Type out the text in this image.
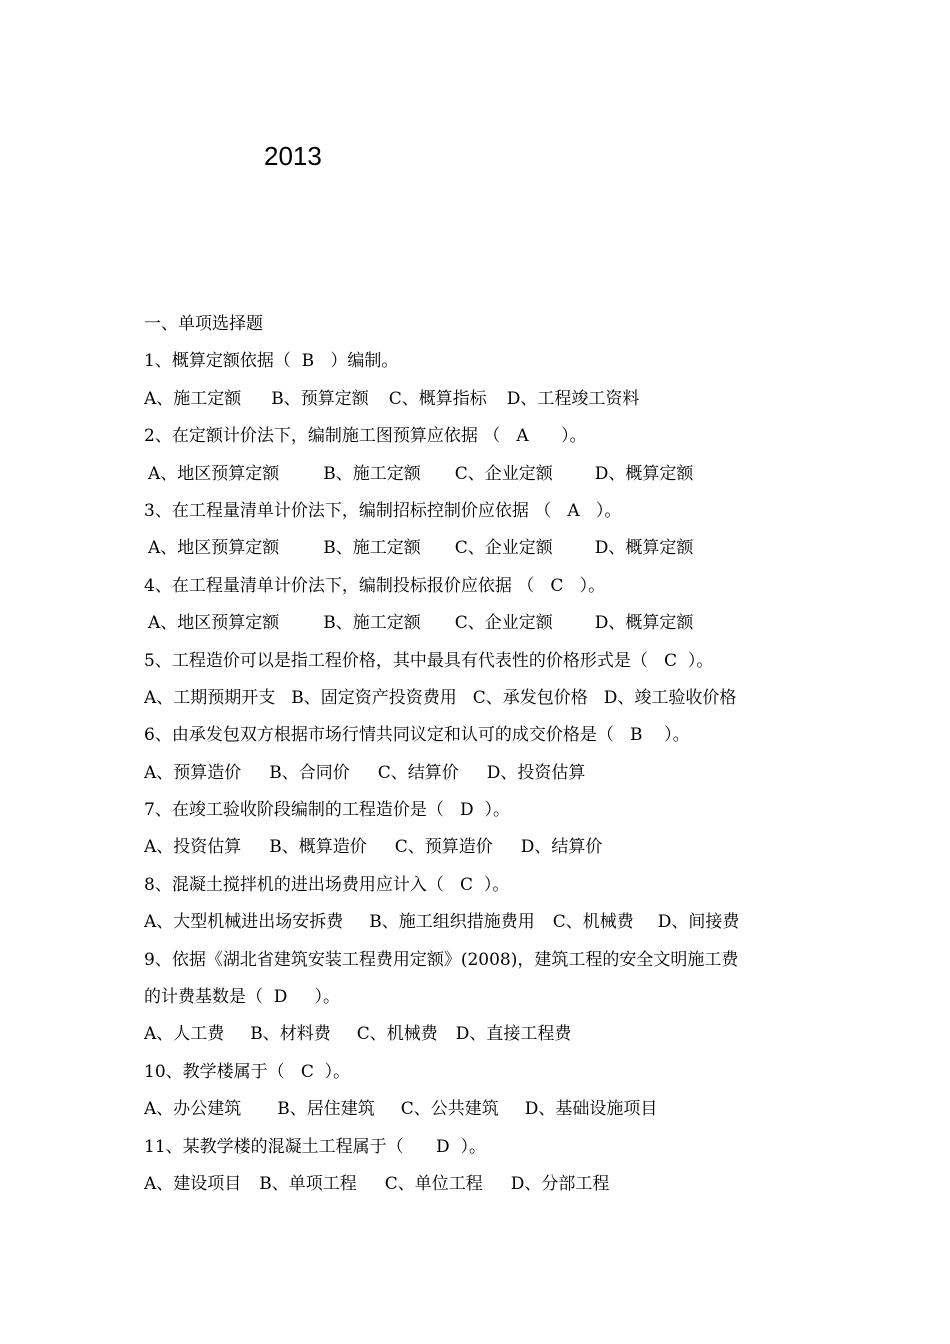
2013
一、单项选择题
1、概算定额依据（  B   ）编制。
A、施工定额 B、预算定额 C、概算指标 D、工程竣工资料
2、在定额计价法下，编制施工图预算应依据 （   A      ）。
A、地区预算定额	B、施工定额 C、企业定额 D、概算定额
3、在工程量清单计价法下，编制招标控制价应依据 （   A   ）。
A、地区预算定额	B、施工定额 C、企业定额 D、概算定额
4、在工程量清单计价法下，编制投标报价应依据 （   C   ）。
A、地区预算定额	B、施工定额 C、企业定额 D、概算定额
5、工程造价可以是指工程价格，其中最具有代表性的价格形式是（   C  ）。
A、工期预期开支 B、固定资产投资费用 C、承发包价格 D、竣工验收价格
6、由承发包双方根据市场行情共同议定和认可的成交价格是（   B    ）。
A、预算造价 B、合同价 C、结算价 D、投资估算
7、在竣工验收阶段编制的工程造价是（   D  ）。
A、投资估算 B、概算造价 C、预算造价 D、结算价
8、混凝土搅拌机的进出场费用应计入（   C  ）。
A、大型机械进出场安拆费 B、施工组织措施费用 C、机械费 D、间接费
9、依据《湖北省建筑安装工程费用定额》(2008)，建筑工程的安全文明施工费
的计费基数是（  D     ）。
A、人工费 B、材料费 C、机械费 D、直接工程费
10、教学楼属于（   C  ）。
A、办公建筑 B、居住建筑 C、公共建筑 D、基础设施项目
11、某教学楼的混凝土工程属于（      D  ）。
A、建设项目 B、单项工程 C、单位工程 D、分部工程
